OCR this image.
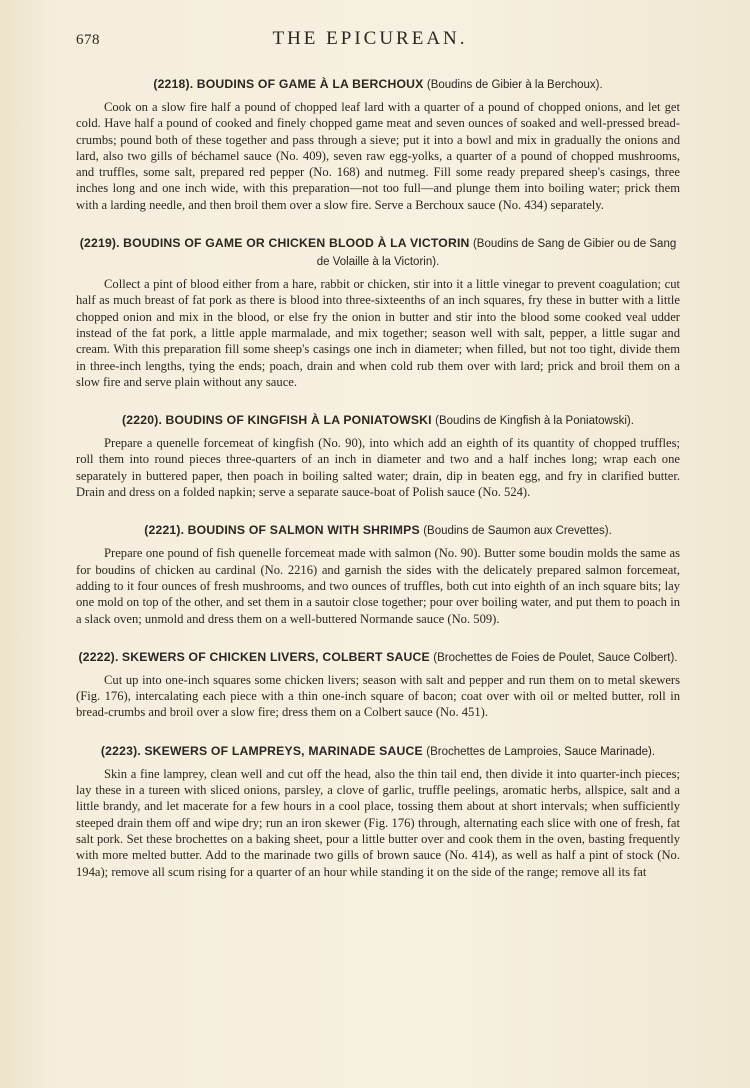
678	THE EPICUREAN.
(2218). BOUDINS OF GAME À LA BERCHOUX (Boudins de Gibier à la Berchoux).

Cook on a slow fire half a pound of chopped leaf lard with a quarter of a pound of chopped onions, and let get cold. Have half a pound of cooked and finely chopped game meat and seven ounces of soaked and well-pressed bread-crumbs; pound both of these together and pass through a sieve; put it into a bowl and mix in gradually the onions and lard, also two gills of béchamel sauce (No. 409), seven raw egg-yolks, a quarter of a pound of chopped mushrooms, and truffles, some salt, prepared red pepper (No. 168) and nutmeg. Fill some ready prepared sheep's casings, three inches long and one inch wide, with this preparation—not too full—and plunge them into boiling water; prick them with a larding needle, and then broil them over a slow fire. Serve a Berchoux sauce (No. 434) separately.

(2219). BOUDINS OF GAME OR CHICKEN BLOOD À LA VICTORIN (Boudins de Sang de Gibier ou de Sang de Volaille à la Victorin).

Collect a pint of blood either from a hare, rabbit or chicken, stir into it a little vinegar to prevent coagulation; cut half as much breast of fat pork as there is blood into three-sixteenths of an inch squares, fry these in butter with a little chopped onion and mix in the blood, or else fry the onion in butter and stir into the blood some cooked veal udder instead of the fat pork, a little apple marmalade, and mix together; season well with salt, pepper, a little sugar and cream. With this preparation fill some sheep's casings one inch in diameter; when filled, but not too tight, divide them in three-inch lengths, tying the ends; poach, drain and when cold rub them over with lard; prick and broil them on a slow fire and serve plain without any sauce.

(2220). BOUDINS OF KINGFISH À LA PONIATOWSKI (Boudins de Kingfish à la Poniatowski).

Prepare a quenelle forcemeat of kingfish (No. 90), into which add an eighth of its quantity of chopped truffles; roll them into round pieces three-quarters of an inch in diameter and two and a half inches long; wrap each one separately in buttered paper, then poach in boiling salted water; drain, dip in beaten egg, and fry in clarified butter. Drain and dress on a folded napkin; serve a separate sauce-boat of Polish sauce (No. 524).

(2221). BOUDINS OF SALMON WITH SHRIMPS (Boudins de Saumon aux Crevettes).

Prepare one pound of fish quenelle forcemeat made with salmon (No. 90). Butter some boudin molds the same as for boudins of chicken au cardinal (No. 2216) and garnish the sides with the delicately prepared salmon forcemeat, adding to it four ounces of fresh mushrooms, and two ounces of truffles, both cut into eighth of an inch square bits; lay one mold on top of the other, and set them in a sautoir close together; pour over boiling water, and put them to poach in a slack oven; unmold and dress them on a well-buttered Normande sauce (No. 509).

(2222). SKEWERS OF CHICKEN LIVERS, COLBERT SAUCE (Brochettes de Foies de Poulet, Sauce Colbert).

Cut up into one-inch squares some chicken livers; season with salt and pepper and run them on to metal skewers (Fig. 176), intercalating each piece with a thin one-inch square of bacon; coat over with oil or melted butter, roll in bread-crumbs and broil over a slow fire; dress them on a Colbert sauce (No. 451).

(2223). SKEWERS OF LAMPREYS, MARINADE SAUCE (Brochettes de Lamproies, Sauce Marinade).

Skin a fine lamprey, clean well and cut off the head, also the thin tail end, then divide it into quarter-inch pieces; lay these in a tureen with sliced onions, parsley, a clove of garlic, truffle peelings, aromatic herbs, allspice, salt and a little brandy, and let macerate for a few hours in a cool place, tossing them about at short intervals; when sufficiently steeped drain them off and wipe dry; run an iron skewer (Fig. 176) through, alternating each slice with one of fresh, fat salt pork. Set these brochettes on a baking sheet, pour a little butter over and cook them in the oven, basting frequently with more melted butter. Add to the marinade two gills of brown sauce (No. 414), as well as half a pint of stock (No. 194a); remove all scum rising for a quarter of an hour while standing it on the side of the range; remove all its fat
